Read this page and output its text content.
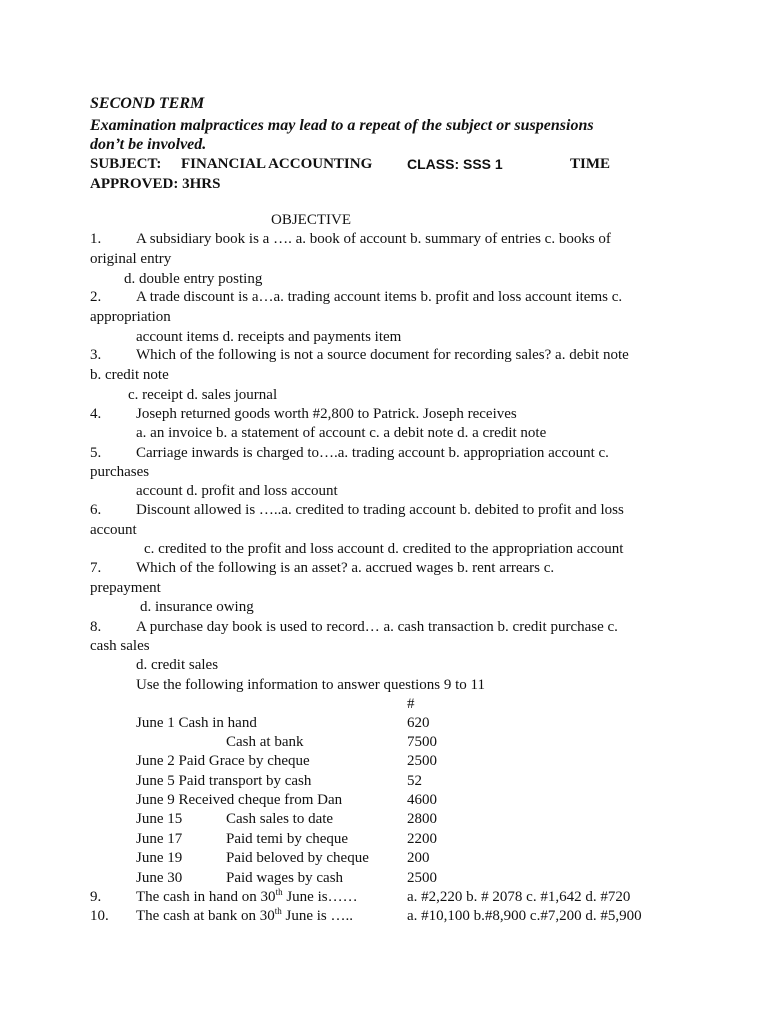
SECOND TERM
Examination malpractices may lead to a repeat of the subject or suspensions
don’t be involved.
SUBJECT: FINANCIAL ACCOUNTING CLASS: SSS 1	TIME
APPROVED: 3HRS
OBJECTIVE
1. A subsidiary book is a …. a. book of account b. summary of entries c. books of
original entry
d. double entry posting
2. A trade discount is a…a. trading account items b. profit and loss account items c.
appropriation
account items d. receipts and payments item
3. Which of the following is not a source document for recording sales? a. debit note
b. credit note
c. receipt d. sales journal
4. Joseph returned goods worth #2,800 to Patrick. Joseph receives
a. an invoice b. a statement of account c. a debit note d. a credit note
5. Carriage inwards is charged to….a. trading account b. appropriation account c.
purchases
account d. profit and loss account
6. Discount allowed is …..a. credited to trading account b. debited to profit and loss
account
c. credited to the profit and loss account d. credited to the appropriation account
7. Which of the following is an asset? a. accrued wages b. rent arrears c.
prepayment
d. insurance owing
8. A purchase day book is used to record… a. cash transaction b. credit purchase c.
cash sales
d. credit sales
Use the following information to answer questions 9 to 11
#
June 1 Cash in hand	620
Cash at bank	7500
June 2 Paid Grace by cheque	2500
June 5 Paid transport by cash	52
June 9 Received cheque from Dan	4600
June 15	Cash sales to date	2800
June 17	Paid temi by cheque	2200
June 19	Paid beloved by cheque	200
June 30	Paid wages by cash	2500
9. The cash in hand on 30th June is……	a. #2,220 b. # 2078 c. #1,642 d. #720
10. The cash at bank on 30th June is …..	a. #10,100 b.#8,900 c.#7,200 d. #5,900
